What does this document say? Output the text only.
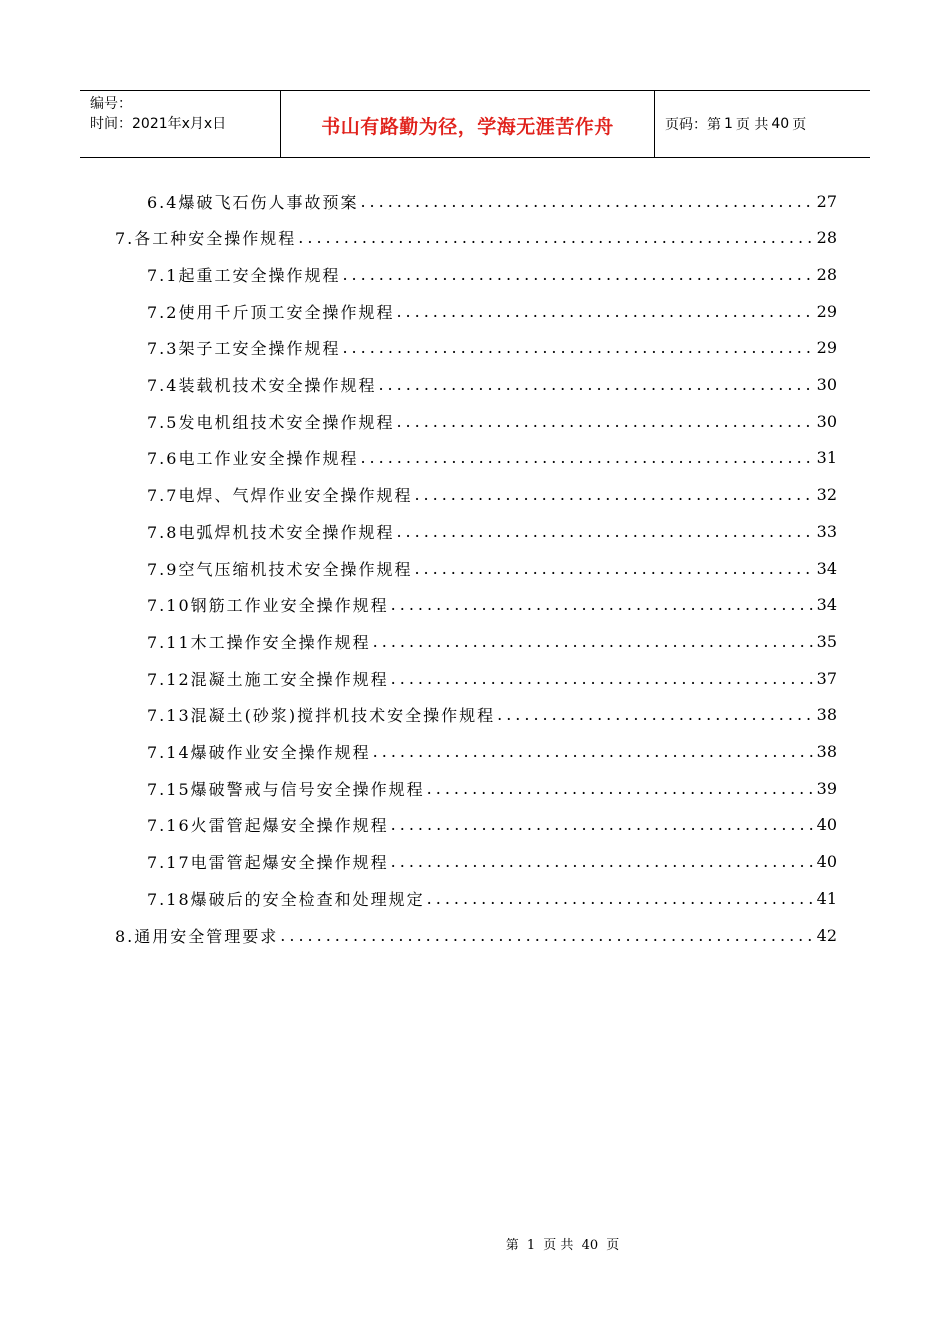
编号：
时间：2021年x月x日	书山有路勤为径，学海无涯苦作舟	页码：第 1 页 共 40 页
6.4爆破飞石伤人事故预案 .....	27
7.各工种安全操作规程 .....	28
7.1起重工安全操作规程 .....	28
7.2使用千斤顶工安全操作规程 .....	29
7.3架子工安全操作规程 .....	29
7.4装载机技术安全操作规程 .....	30
7.5发电机组技术安全操作规程 .....	30
7.6电工作业安全操作规程 .....	31
7.7电焊、气焊作业安全操作规程 .....	32
7.8电弧焊机技术安全操作规程 .....	33
7.9空气压缩机技术安全操作规程 .....	34
7.10钢筋工作业安全操作规程 .....	34
7.11木工操作安全操作规程 .....	35
7.12混凝土施工安全操作规程 .....	37
7.13混凝土(砂浆)搅拌机技术安全操作规程 .....	38
7.14爆破作业安全操作规程 .....	38
7.15爆破警戒与信号安全操作规程 .....	39
7.16火雷管起爆安全操作规程 .....	40
7.17电雷管起爆安全操作规程 .....	40
7.18爆破后的安全检查和处理规定 .....	41
8.通用安全管理要求 .....	42
第 1 页 共 40 页
